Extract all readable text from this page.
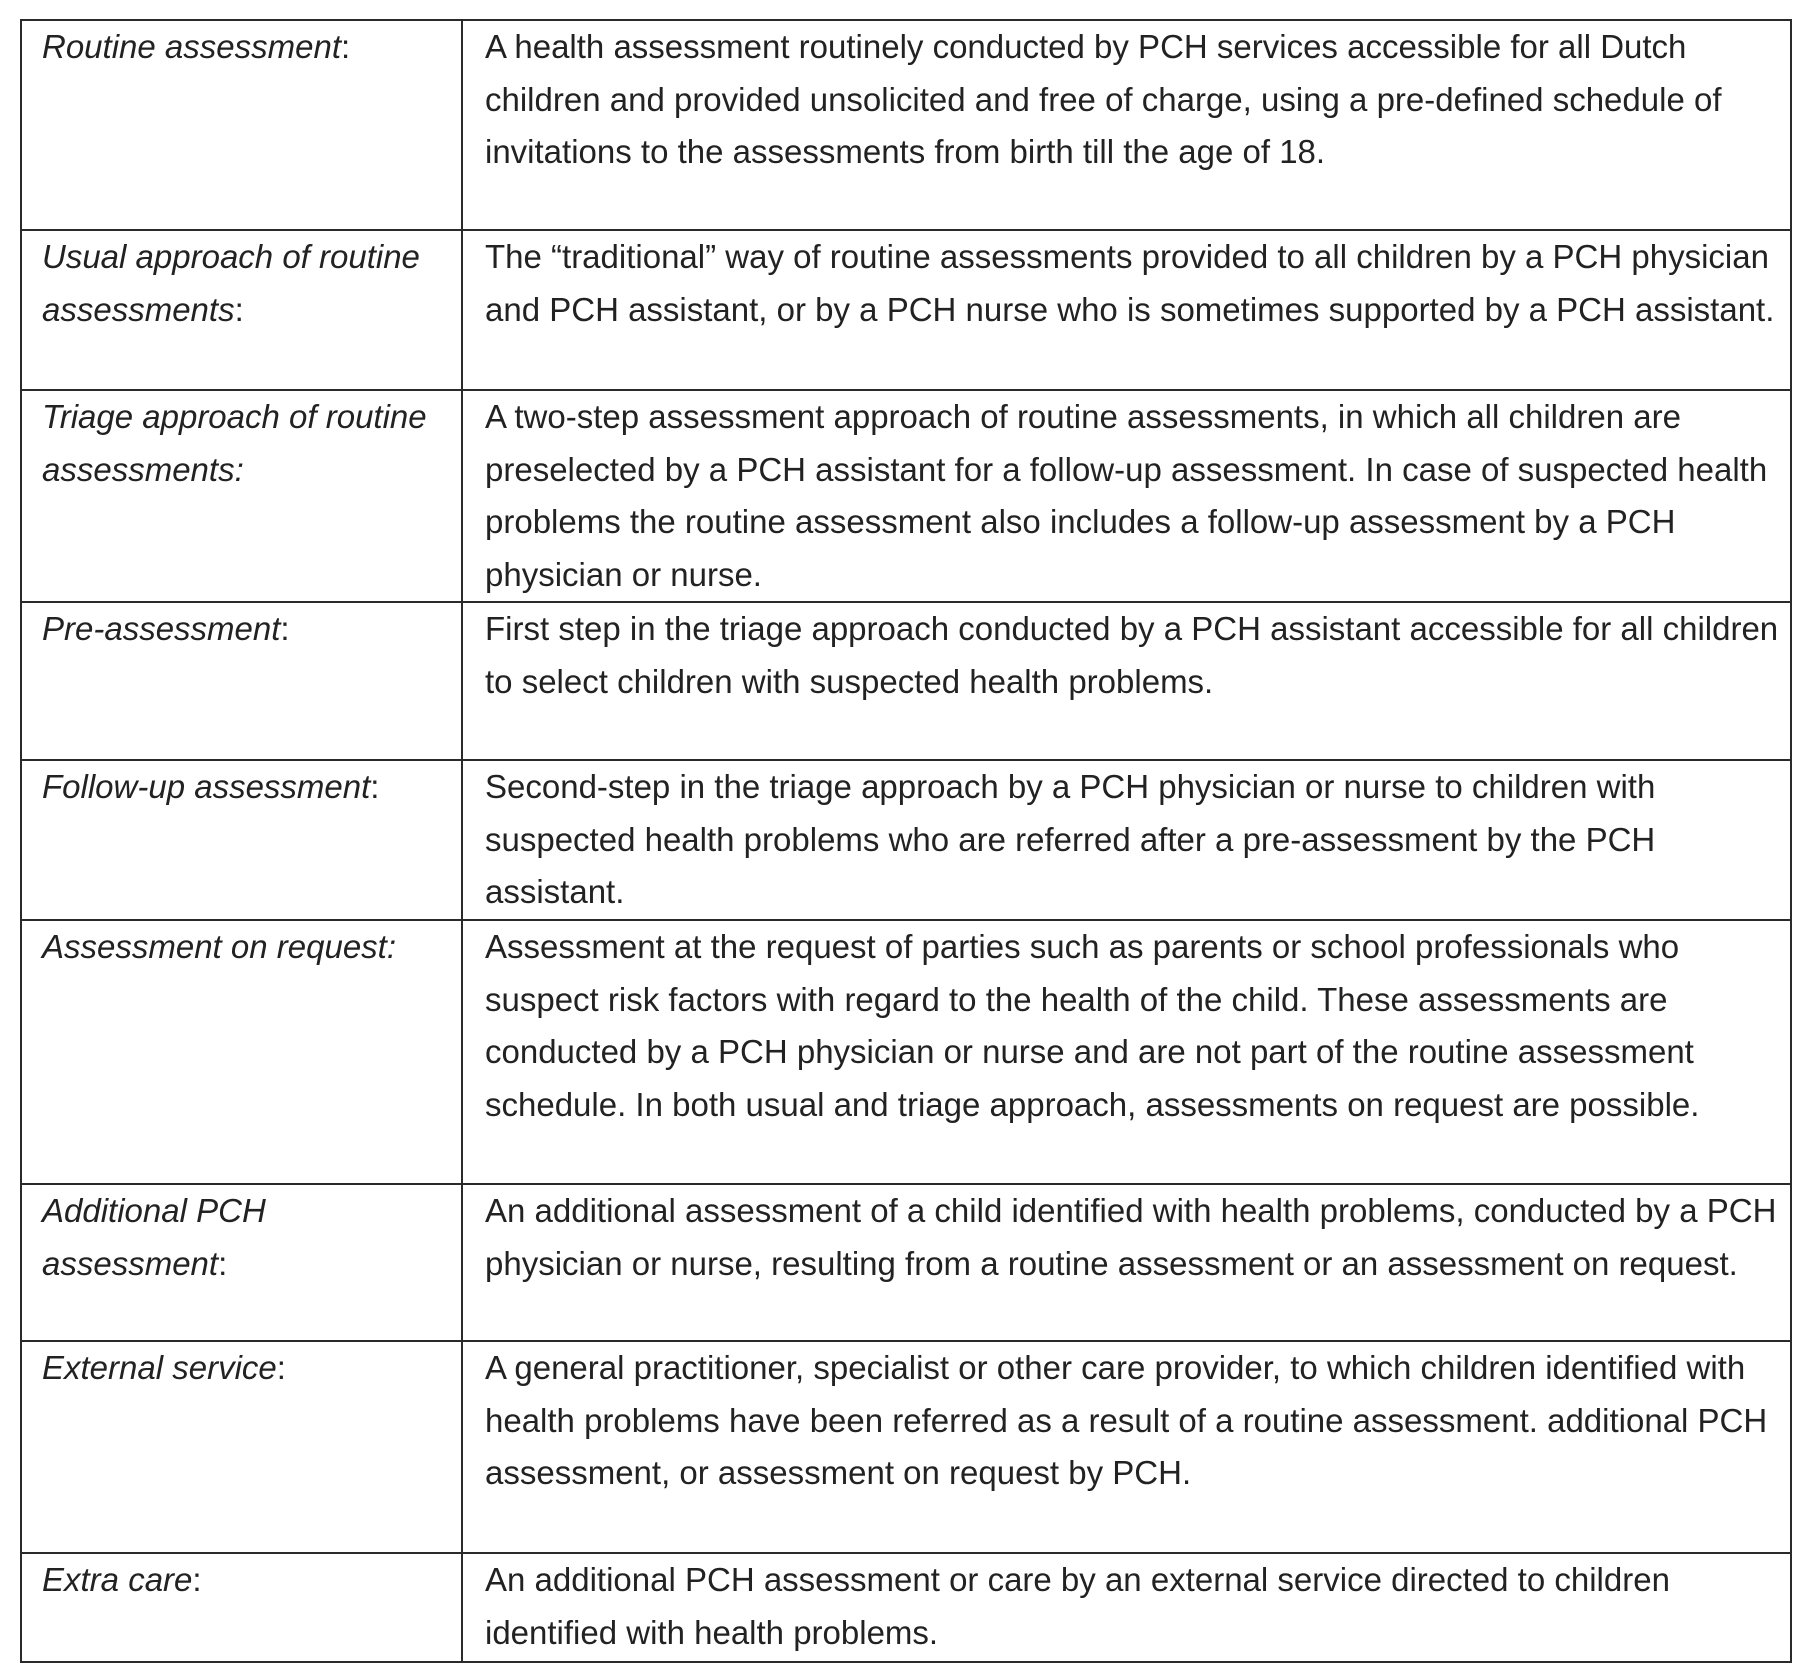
Routine assessment:	A health assessment routinely conducted by PCH services accessible for all Dutch children and provided unsolicited and free of charge, using a pre-defined schedule of invitations to the assessments from birth till the age of 18.
Usual approach of routine assessments:	The “traditional” way of routine assessments provided to all children by a PCH physician and PCH assistant, or by a PCH nurse who is sometimes supported by a PCH assistant.
Triage approach of routine assessments:	A two-step assessment approach of routine assessments, in which all children are preselected by a PCH assistant for a follow-up assessment. In case of suspected health problems the routine assessment also includes a follow-up assessment by a PCH physician or nurse.
Pre-assessment:	First step in the triage approach conducted by a PCH assistant accessible for all children to select children with suspected health problems.
Follow-up assessment:	Second-step in the triage approach by a PCH physician or nurse to children with suspected health problems who are referred after a pre-assessment by the PCH assistant.
Assessment on request:	Assessment at the request of parties such as parents or school professionals who suspect risk factors with regard to the health of the child. These assessments are conducted by a PCH physician or nurse and are not part of the routine assessment schedule. In both usual and triage approach, assessments on request are possible.
Additional PCH assessment:	An additional assessment of a child identified with health problems, conducted by a PCH physician or nurse, resulting from a routine assessment or an assessment on request.
External service:	A general practitioner, specialist or other care provider, to which children identified with health problems have been referred as a result of a routine assessment. additional PCH assessment, or assessment on request by PCH.
Extra care:	An additional PCH assessment or care by an external service directed to children identified with health problems.
